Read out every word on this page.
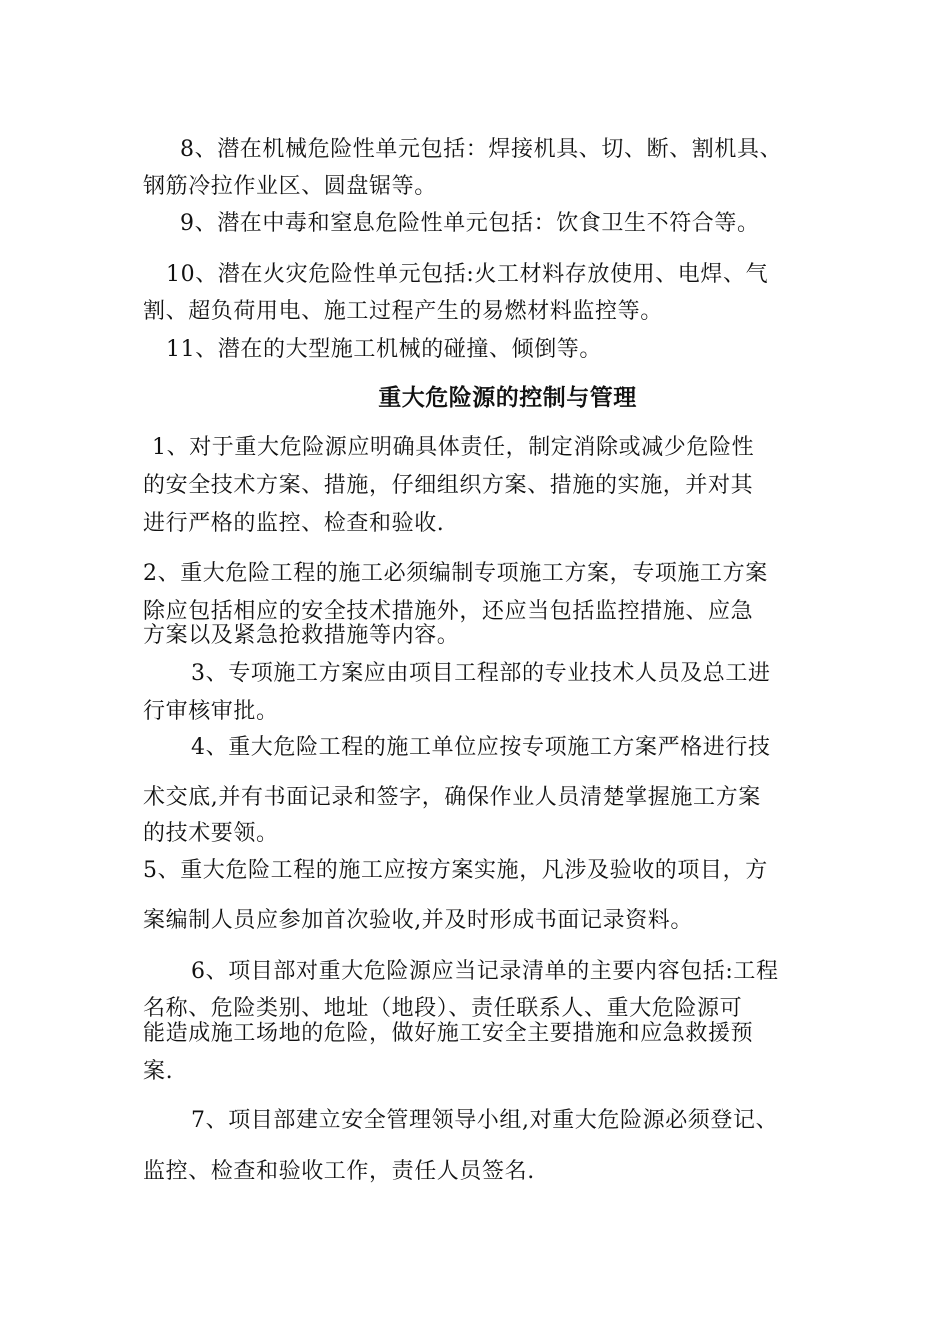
8、潜在机械危险性单元包括：焊接机具、切、断、割机具、
钢筋冷拉作业区、圆盘锯等。
9、潜在中毒和窒息危险性单元包括：饮食卫生不符合等。
10、潜在火灾危险性单元包括:火工材料存放使用、电焊、气
割、超负荷用电、施工过程产生的易燃材料监控等。
11、潜在的大型施工机械的碰撞、倾倒等。
重大危险源的控制与管理
1、对于重大危险源应明确具体责任，制定消除或减少危险性
的安全技术方案、措施，仔细组织方案、措施的实施，并对其
进行严格的监控、检查和验收.
2、重大危险工程的施工必须编制专项施工方案，专项施工方案
除应包括相应的安全技术措施外，还应当包括监控措施、应急
方案以及紧急抢救措施等内容。
3、专项施工方案应由项目工程部的专业技术人员及总工进
行审核审批。
4、重大危险工程的施工单位应按专项施工方案严格进行技
术交底,并有书面记录和签字，确保作业人员清楚掌握施工方案
的技术要领。
5、重大危险工程的施工应按方案实施，凡涉及验收的项目，方
案编制人员应参加首次验收,并及时形成书面记录资料。
6、项目部对重大危险源应当记录清单的主要内容包括:工程
名称、危险类别、地址（地段）、责任联系人、重大危险源可
能造成施工场地的危险，做好施工安全主要措施和应急救援预
案.
7、项目部建立安全管理领导小组,对重大危险源必须登记、
监控、检查和验收工作，责任人员签名.
